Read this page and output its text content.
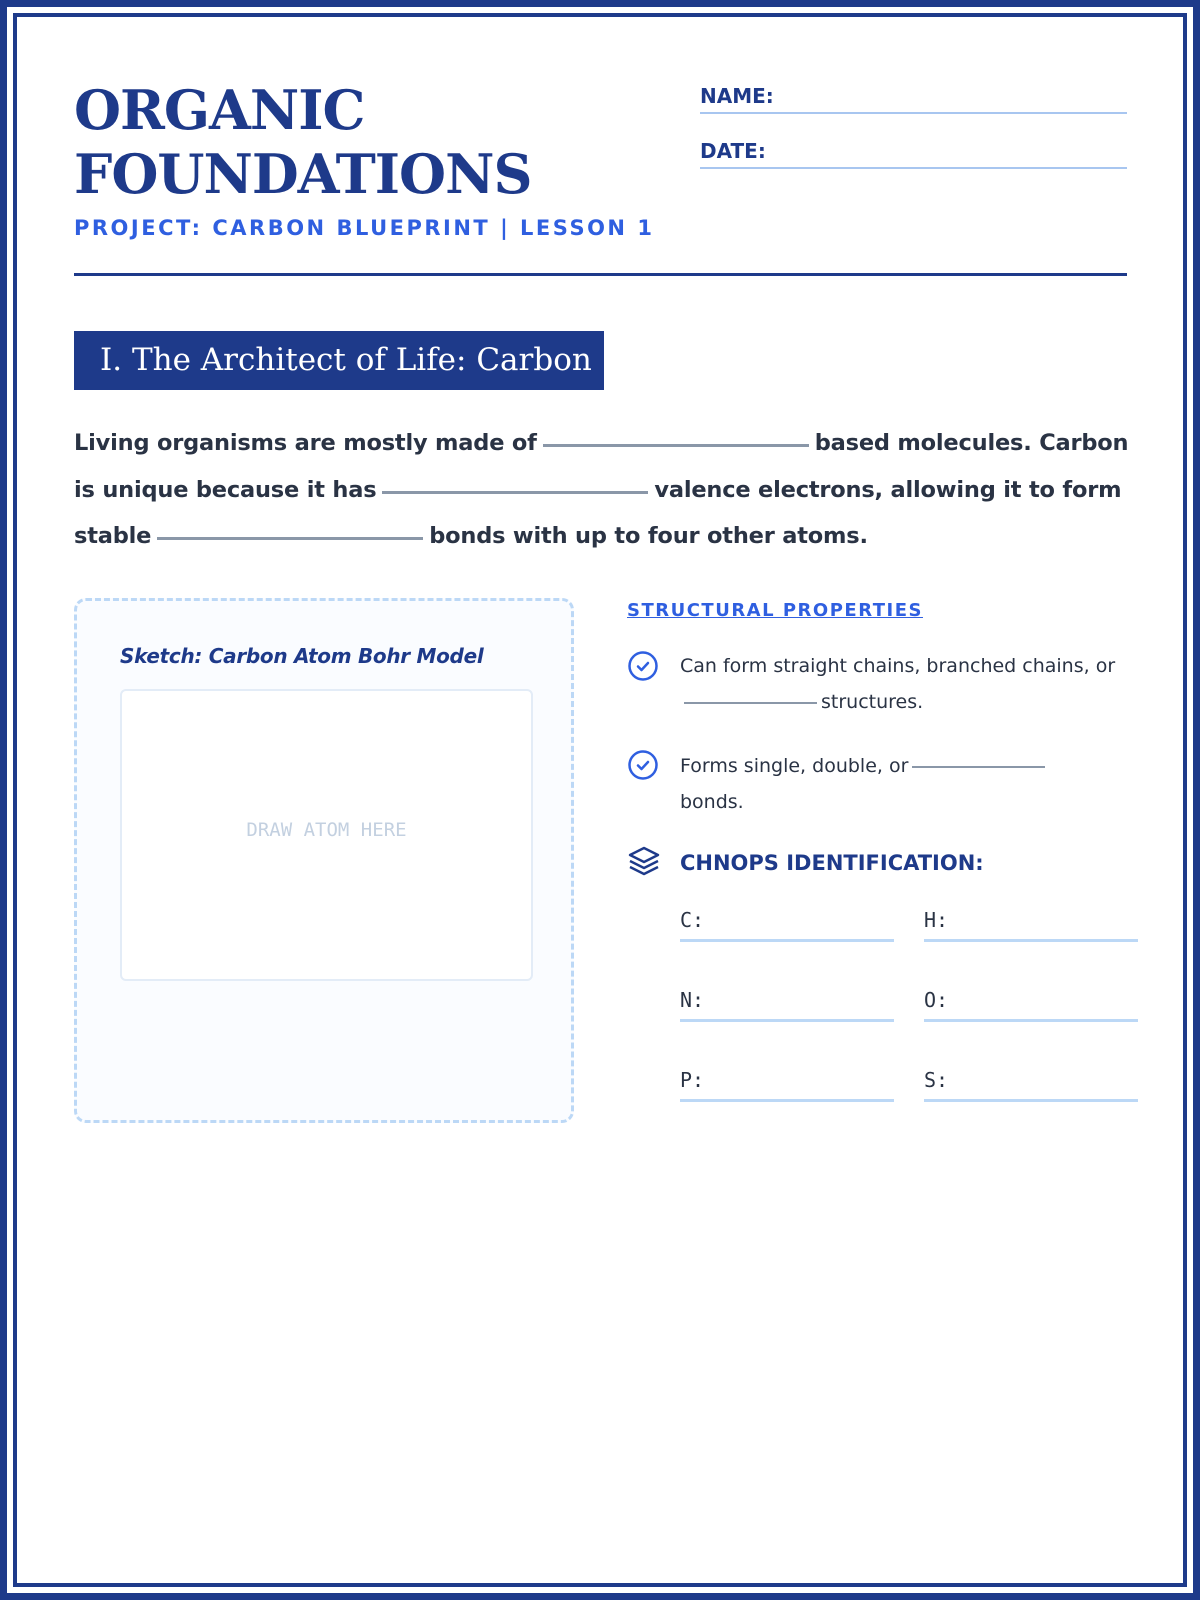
ORGANIC
FOUNDATIONS
PROJECT: CARBON BLUEPRINT | LESSON 1
NAME:
DATE:
I. The Architect of Life: Carbon
Living organisms are mostly made of	based molecules. Carbon is unique because it has	valence electrons, allowing it to form stable	bonds with up to four other atoms.
Sketch: Carbon Atom Bohr Model
DRAW ATOM HERE
STRUCTURAL PROPERTIES
Can form straight chains, branched chains, orstructures.
Forms single, double, or
bonds.
CHNOPS IDENTIFICATION:
C:	H:
N:	O:
P:	S:
